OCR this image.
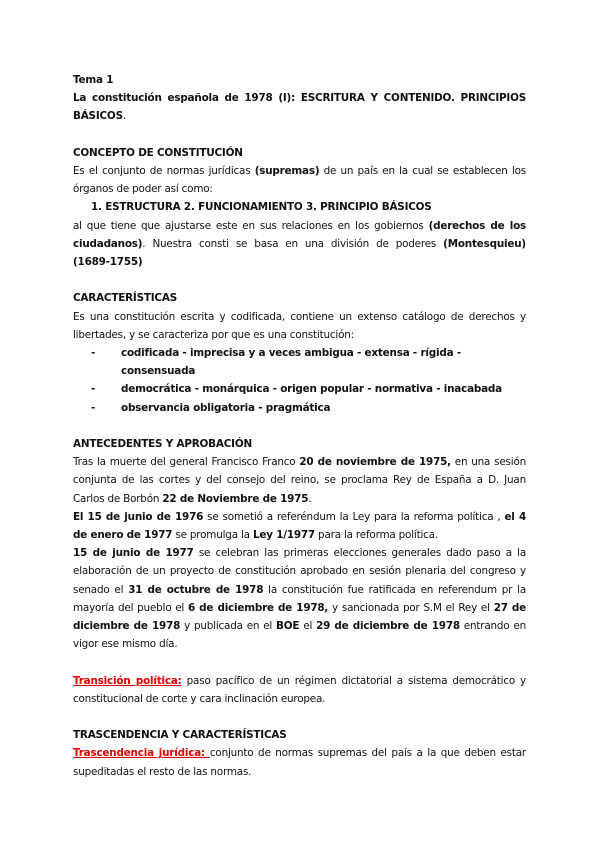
Tema 1

La constitución española de 1978 (I): ESCRITURA Y CONTENIDO. PRINCIPIOS BÁSICOS.

CONCEPTO DE CONSTITUCIÓN

Es el conjunto de normas jurídicas (supremas) de un país en la cual se establecen los órganos de poder así como:

1. ESTRUCTURA 2. FUNCIONAMIENTO 3. PRINCIPIO BÁSICOS

al que tiene que ajustarse este en sus relaciones en los gobiernos (derechos de los ciudadanos). Nuestra consti se basa en una división de poderes (Montesquieu) (1689-1755)

CARACTERÍSTICAS

Es una constitución escrita y codificada, contiene un extenso catálogo de derechos y libertades, y se caracteriza por que es una constitución:

- codificada - imprecisa y a veces ambigua - extensa - rígida - consensuada
- democrática - monárquica - origen popular - normativa - inacabada
- observancia obligatoria - pragmática

ANTECEDENTES Y APROBACIÓN

Tras la muerte del general Francisco Franco 20 de noviembre de 1975, en una sesión conjunta de las cortes y del consejo del reino, se proclama Rey de España a D. Juan Carlos de Borbón 22 de Noviembre de 1975.

El 15 de junio de 1976 se sometió a referéndum la Ley para la reforma política , el 4 de enero de 1977 se promulga la Ley 1/1977 para la reforma política.

15 de junio de 1977 se celebran las primeras elecciones generales dado paso a la elaboración de un proyecto de constitución aprobado en sesión plenaria del congreso y senado el 31 de octubre de 1978 la constitución fue ratificada en referendum pr la mayoría del pueblo el 6 de diciembre de 1978, y sancionada por S.M el Rey el 27 de diciembre de 1978 y publicada en el BOE el 29 de diciembre de 1978 entrando en vigor ese mismo día.

Transición política: paso pacífico de un régimen dictatorial a sistema democrático y constitucional de corte y cara inclinación europea.

TRASCENDENCIA Y CARACTERÍSTICAS

Trascendencia jurídica: conjunto de normas supremas del país a la que deben estar supeditadas el resto de las normas.
